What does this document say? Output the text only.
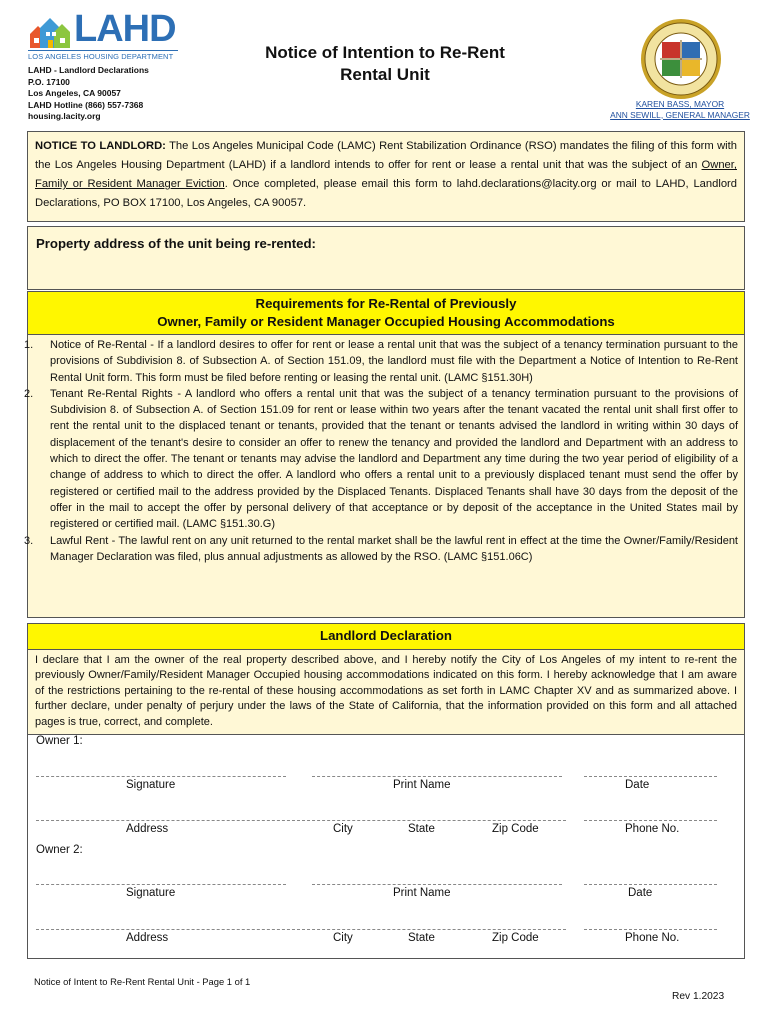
LAHD
LOS ANGELES HOUSING DEPARTMENT
LAHD - Landlord Declarations
P.O. 17100
Los Angeles, CA 90057
LAHD Hotline (866) 557-7368
housing.lacity.org
Notice of Intention to Re-Rent
Rental Unit
KAREN BASS, MAYOR
ANN SEWILL, GENERAL MANAGER
NOTICE TO LANDLORD: The Los Angeles Municipal Code (LAMC) Rent Stabilization Ordinance (RSO) mandates the filing of this form with the Los Angeles Housing Department (LAHD) if a landlord intends to offer for rent or lease a rental unit that was the subject of an Owner, Family or Resident Manager Eviction. Once completed, please email this form to lahd.declarations@lacity.org or mail to LAHD, Landlord Declarations, PO BOX 17100, Los Angeles, CA 90057.
Property address of the unit being re-rented:
Requirements for Re-Rental of Previously
Owner, Family or Resident Manager Occupied Housing Accommodations
1. Notice of Re-Rental - If a landlord desires to offer for rent or lease a rental unit that was the subject of a tenancy termination pursuant to the provisions of Subdivision 8. of Subsection A. of Section 151.09, the landlord must file with the Department a Notice of Intention to Re-Rent Rental Unit form. This form must be filed before renting or leasing the rental unit. (LAMC §151.30H)
2. Tenant Re-Rental Rights - A landlord who offers a rental unit that was the subject of a tenancy termination pursuant to the provisions of Subdivision 8. of Subsection A. of Section 151.09 for rent or lease within two years after the tenant vacated the rental unit shall first offer to rent the rental unit to the displaced tenant or tenants, provided that the tenant or tenants advised the landlord in writing within 30 days of displacement of the tenant's desire to consider an offer to renew the tenancy and provided the landlord and Department with an address to which to direct the offer. The tenant or tenants may advise the landlord and Department any time during the two year period of eligibility of a change of address to which to direct the offer. A landlord who offers a rental unit to a previously displaced tenant must send the offer by registered or certified mail to the address provided by the Displaced Tenants. Displaced Tenants shall have 30 days from the deposit of the offer in the mail to accept the offer by personal delivery of that acceptance or by deposit of the acceptance in the United States mail by registered or certified mail. (LAMC §151.30.G)
3. Lawful Rent - The lawful rent on any unit returned to the rental market shall be the lawful rent in effect at the time the Owner/Family/Resident Manager Declaration was filed, plus annual adjustments as allowed by the RSO. (LAMC §151.06C)
Landlord Declaration
I declare that I am the owner of the real property described above, and I hereby notify the City of Los Angeles of my intent to re-rent the previously Owner/Family/Resident Manager Occupied housing accommodations indicated on this form. I hereby acknowledge that I am aware of the restrictions pertaining to the re-rental of these housing accommodations as set forth in LAMC Chapter XV and as summarized above. I further declare, under penalty of perjury under the laws of the State of California, that the information provided on this form and all attached pages is true, correct, and complete.
Owner 1:
Signature	Print Name	Date
Address	City	State	Zip Code	Phone No.
Owner 2:
Signature	Print Name	Date
Address	City	State	Zip Code	Phone No.
Notice of Intent to Re-Rent Rental Unit - Page 1 of 1
Rev 1.2023
